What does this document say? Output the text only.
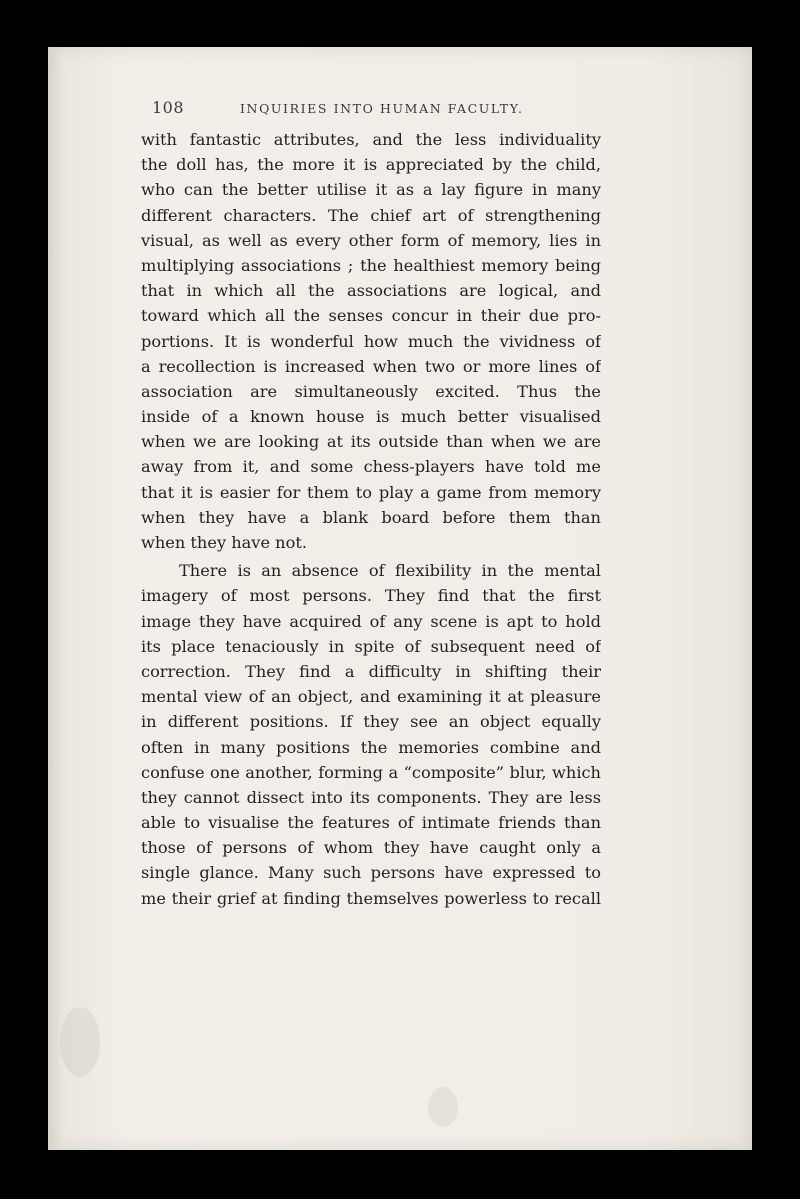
108	INQUIRIES INTO HUMAN FACULTY.
with fantastic attributes, and the less individuality
the doll has, the more it is appreciated by the child,
who can the better utilise it as a lay figure in many
different characters. The chief art of strengthening
visual, as well as every other form of memory, lies in
multiplying associations ; the healthiest memory being
that in which all the associations are logical, and
toward which all the senses concur in their due pro-
portions. It is wonderful how much the vividness of
a recollection is increased when two or more lines of
association are simultaneously excited. Thus the
inside of a known house is much better visualised
when we are looking at its outside than when we are
away from it, and some chess-players have told me
that it is easier for them to play a game from memory
when they have a blank board before them than
when they have not.
There is an absence of flexibility in the mental
imagery of most persons. They find that the first
image they have acquired of any scene is apt to hold
its place tenaciously in spite of subsequent need of
correction. They find a difficulty in shifting their
mental view of an object, and examining it at pleasure
in different positions. If they see an object equally
often in many positions the memories combine and
confuse one another, forming a “composite” blur, which
they cannot dissect into its components. They are less
able to visualise the features of intimate friends than
those of persons of whom they have caught only a
single glance. Many such persons have expressed to
me their grief at finding themselves powerless to recall
